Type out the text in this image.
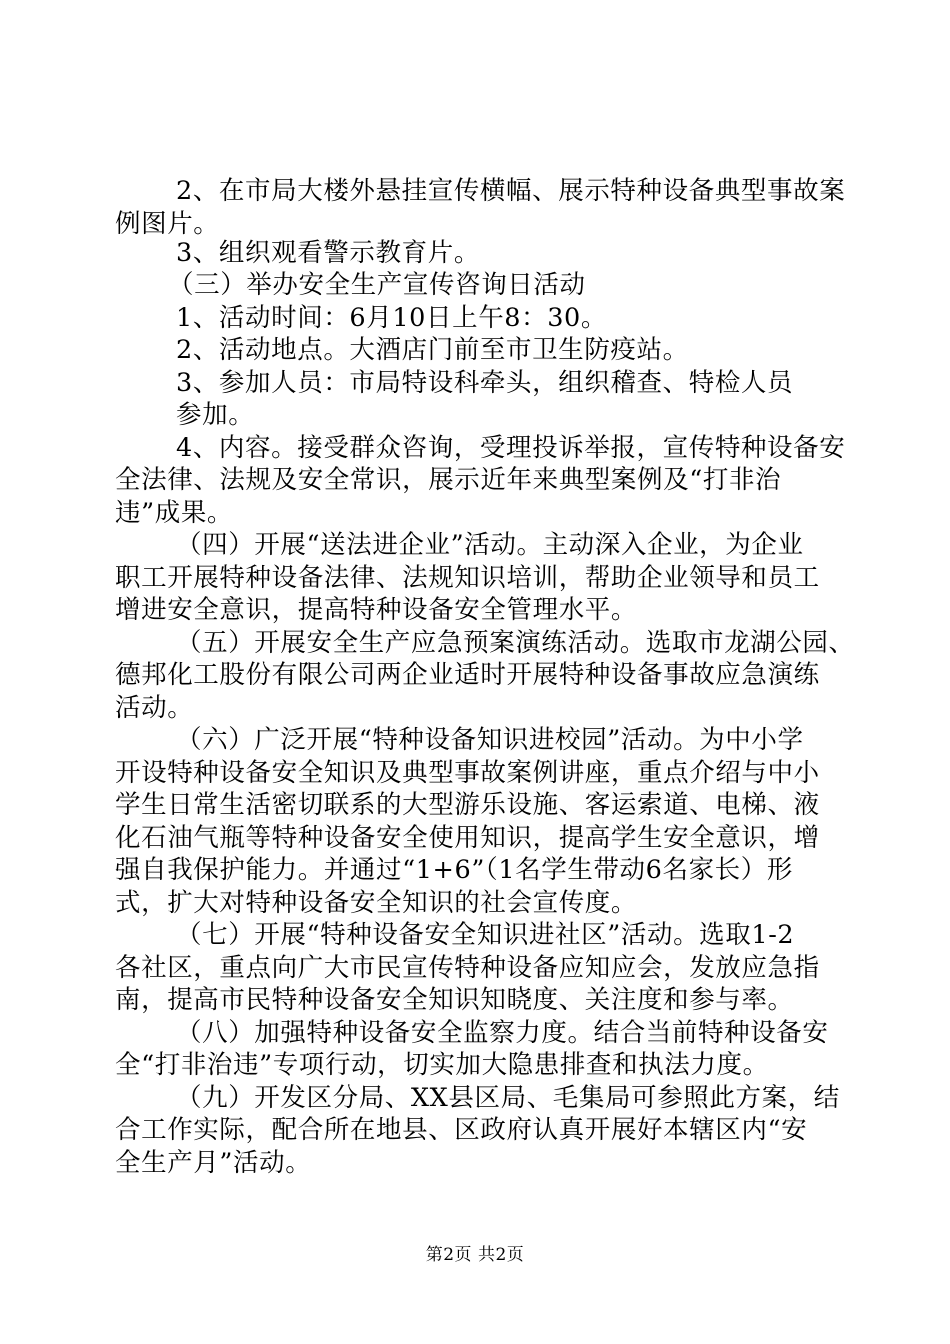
2、在市局大楼外悬挂宣传横幅、展示特种设备典型事故案
例图片。
3、组织观看警示教育片。
（三）举办安全生产宣传咨询日活动
1、活动时间：6月10日上午8：30。
2、活动地点。大酒店门前至市卫生防疫站。
3、参加人员：市局特设科牵头，组织稽查、特检人员
参加。
4、内容。接受群众咨询，受理投诉举报，宣传特种设备安
全法律、法规及安全常识，展示近年来典型案例及“打非治
违”成果。
（四）开展“送法进企业”活动。主动深入企业，为企业
职工开展特种设备法律、法规知识培训，帮助企业领导和员工
增进安全意识，提高特种设备安全管理水平。
（五）开展安全生产应急预案演练活动。选取市龙湖公园、
德邦化工股份有限公司两企业适时开展特种设备事故应急演练
活动。
（六）广泛开展“特种设备知识进校园”活动。为中小学
开设特种设备安全知识及典型事故案例讲座，重点介绍与中小
学生日常生活密切联系的大型游乐设施、客运索道、电梯、液
化石油气瓶等特种设备安全使用知识，提高学生安全意识，增
强自我保护能力。并通过“1+6”（1名学生带动6名家长）形
式，扩大对特种设备安全知识的社会宣传度。
（七）开展“特种设备安全知识进社区”活动。选取1-2
各社区，重点向广大市民宣传特种设备应知应会，发放应急指
南，提高市民特种设备安全知识知晓度、关注度和参与率。
（八）加强特种设备安全监察力度。结合当前特种设备安
全“打非治违”专项行动，切实加大隐患排查和执法力度。
（九）开发区分局、XX县区局、毛集局可参照此方案，结
合工作实际，配合所在地县、区政府认真开展好本辖区内“安
全生产月”活动。
第2页 共2页
